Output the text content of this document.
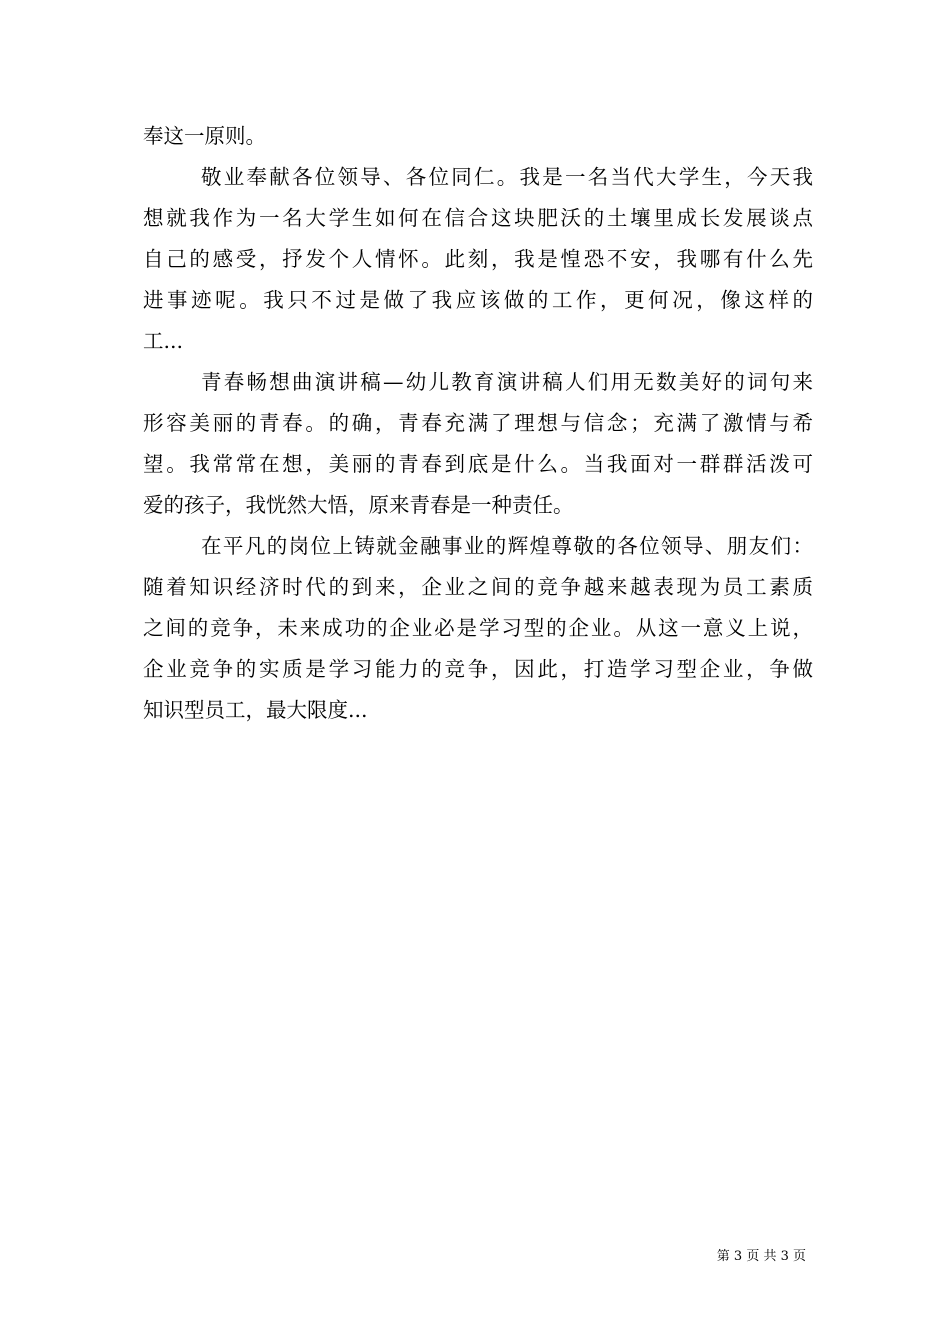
奉这一原则。
敬业奉献各位领导、各位同仁。我是一名当代大学生，今天我
想就我作为一名大学生如何在信合这块肥沃的土壤里成长发展谈点
自己的感受，抒发个人情怀。此刻，我是惶恐不安，我哪有什么先
进事迹呢。我只不过是做了我应该做的工作，更何况，像这样的
工...
青春畅想曲演讲稿—幼儿教育演讲稿人们用无数美好的词句来
形容美丽的青春。的确，青春充满了理想与信念；充满了激情与希
望。我常常在想，美丽的青春到底是什么。当我面对一群群活泼可
爱的孩子，我恍然大悟，原来青春是一种责任。
在平凡的岗位上铸就金融事业的辉煌尊敬的各位领导、朋友们：
随着知识经济时代的到来，企业之间的竞争越来越表现为员工素质
之间的竞争，未来成功的企业必是学习型的企业。从这一意义上说，
企业竞争的实质是学习能力的竞争，因此，打造学习型企业，争做
知识型员工，最大限度...
第 3 页 共 3 页
